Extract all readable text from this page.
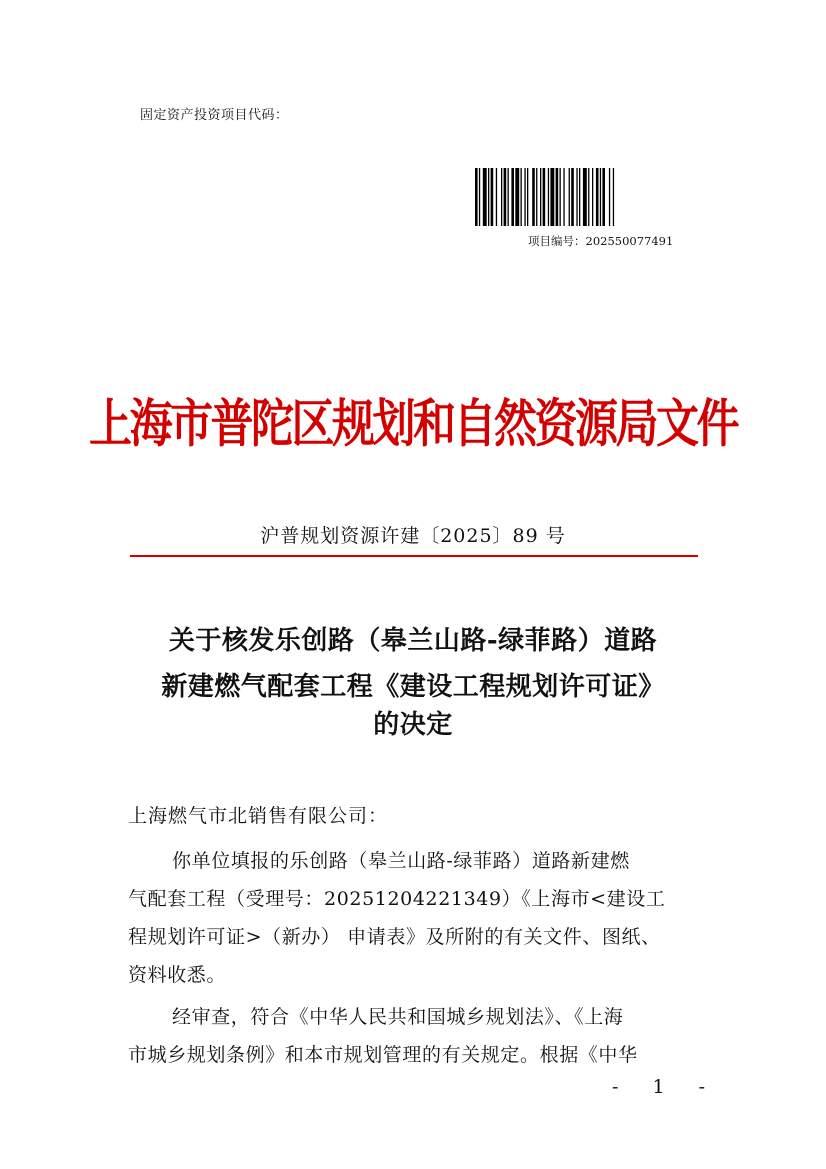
固定资产投资项目代码：
项目编号：202550077491
上海市普陀区规划和自然资源局文件
沪普规划资源许建〔2025〕89 号
关于核发乐创路（皋兰山路-绿菲路）道路
新建燃气配套工程《建设工程规划许可证》
的决定
上海燃气市北销售有限公司：
你单位填报的乐创路（皋兰山路-绿菲路）道路新建燃
气配套工程（受理号：20251204221349）《上海市<建设工
程规划许可证>（新办） 申请表》及所附的有关文件、图纸、
资料收悉。
经审查，符合《中华人民共和国城乡规划法》、《上海
市城乡规划条例》和本市规划管理的有关规定。根据《中华
- 1 -
